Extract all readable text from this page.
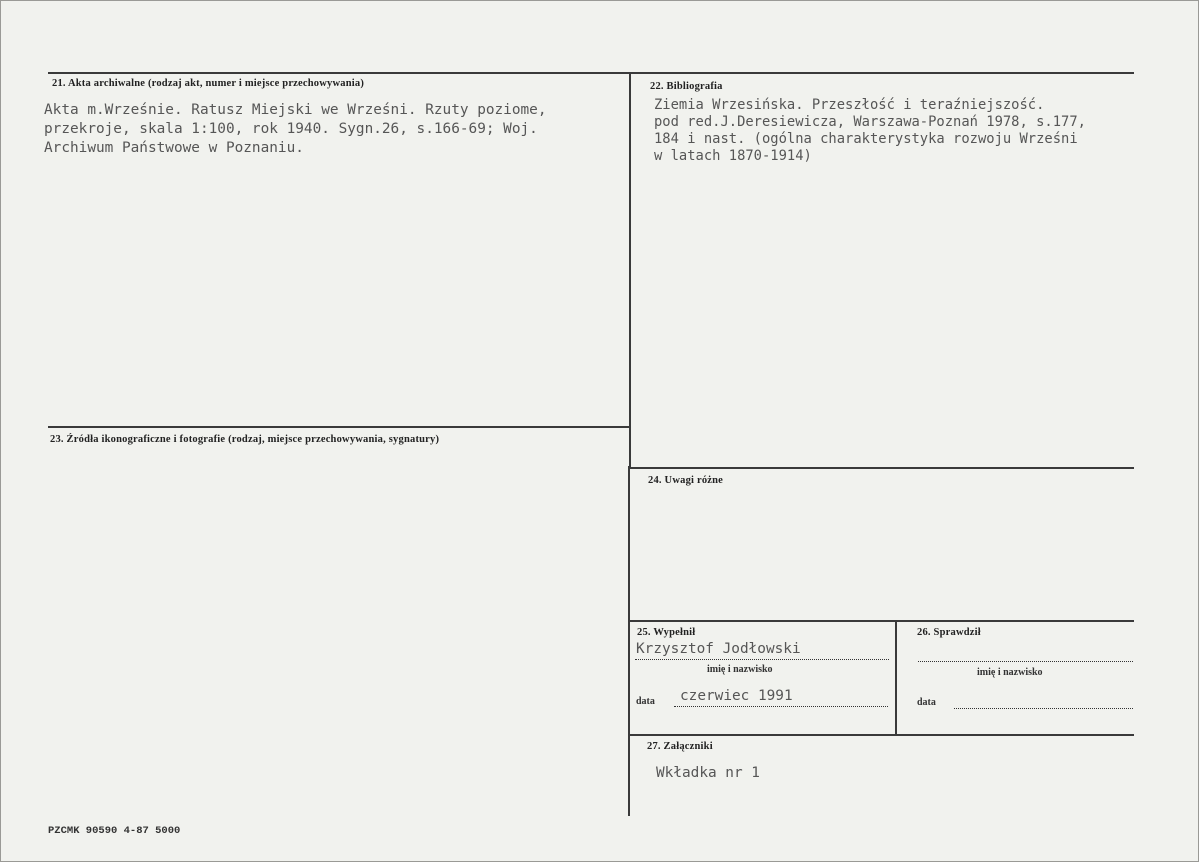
21. Akta archiwalne (rodzaj akt, numer i miejsce przechowywania)
Akta m.Wrześnie. Ratusz Miejski we Wrześni. Rzuty poziome,
przekroje, skala 1:100, rok 1940. Sygn.26, s.166-69; Woj.
Archiwum Państwowe w Poznaniu.
22. Bibliografia
Ziemia Wrzesińska. Przeszłość i teraźniejszość.
pod red.J.Deresiewicza, Warszawa-Poznań 1978, s.177,
184 i nast. (ogólna charakterystyka rozwoju Wrześni
w latach 1870-1914)
23. Źródła ikonograficzne i fotografie (rodzaj, miejsce przechowywania, sygnatury)
24. Uwagi różne
25. Wypełnił
Krzysztof Jodłowski
imię i nazwisko
data czerwiec 1991
26. Sprawdził
imię i nazwisko
data
27. Załączniki
Wkładka nr 1
PZCMK 90590 4-87 5000
